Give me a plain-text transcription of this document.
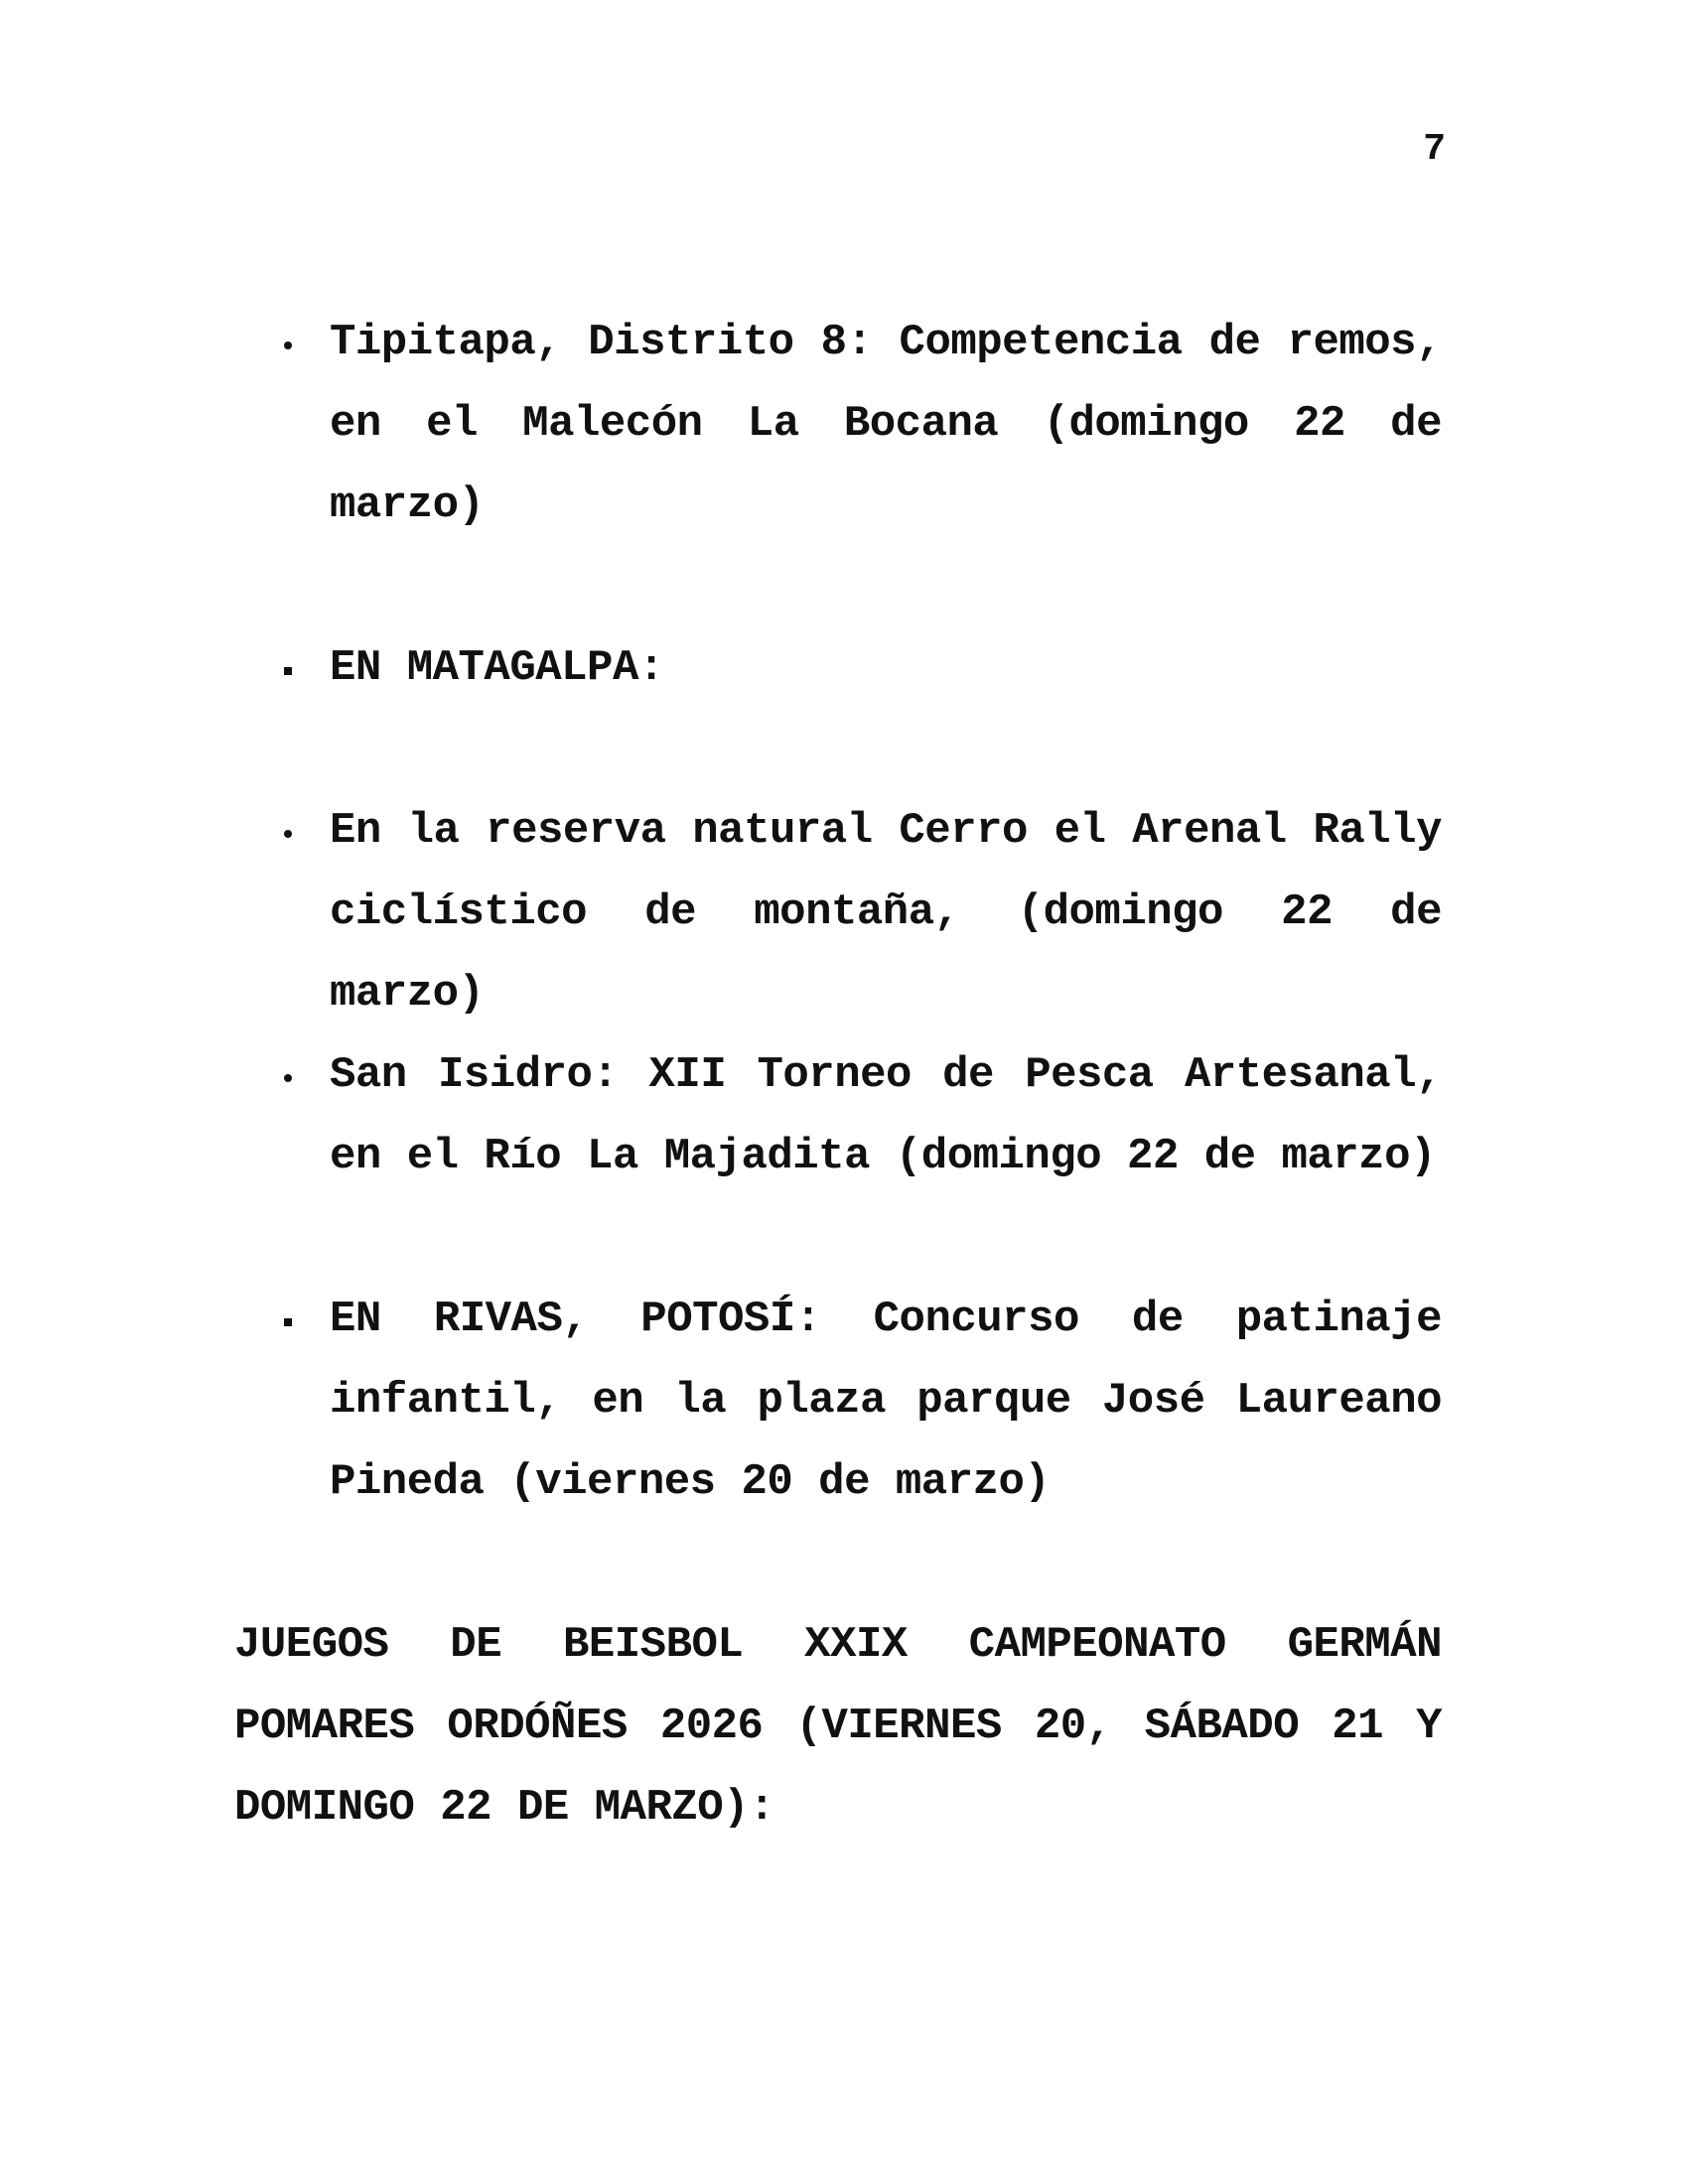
7
Tipitapa, Distrito 8: Competencia de remos, en el Malecón La Bocana (domingo 22 de marzo)
EN MATAGALPA:
En la reserva natural Cerro el Arenal Rally ciclístico de montaña, (domingo 22 de marzo)
San Isidro: XII Torneo de Pesca Artesanal, en el Río La Majadita (domingo 22 de marzo)
EN RIVAS, POTOSÍ: Concurso de patinaje infantil, en la plaza parque José Laureano Pineda (viernes 20 de marzo)
JUEGOS DE BEISBOL XXIX CAMPEONATO GERMÁN POMARES ORDÓÑES 2026 (VIERNES 20, SÁBADO 21 Y DOMINGO 22 DE MARZO):
